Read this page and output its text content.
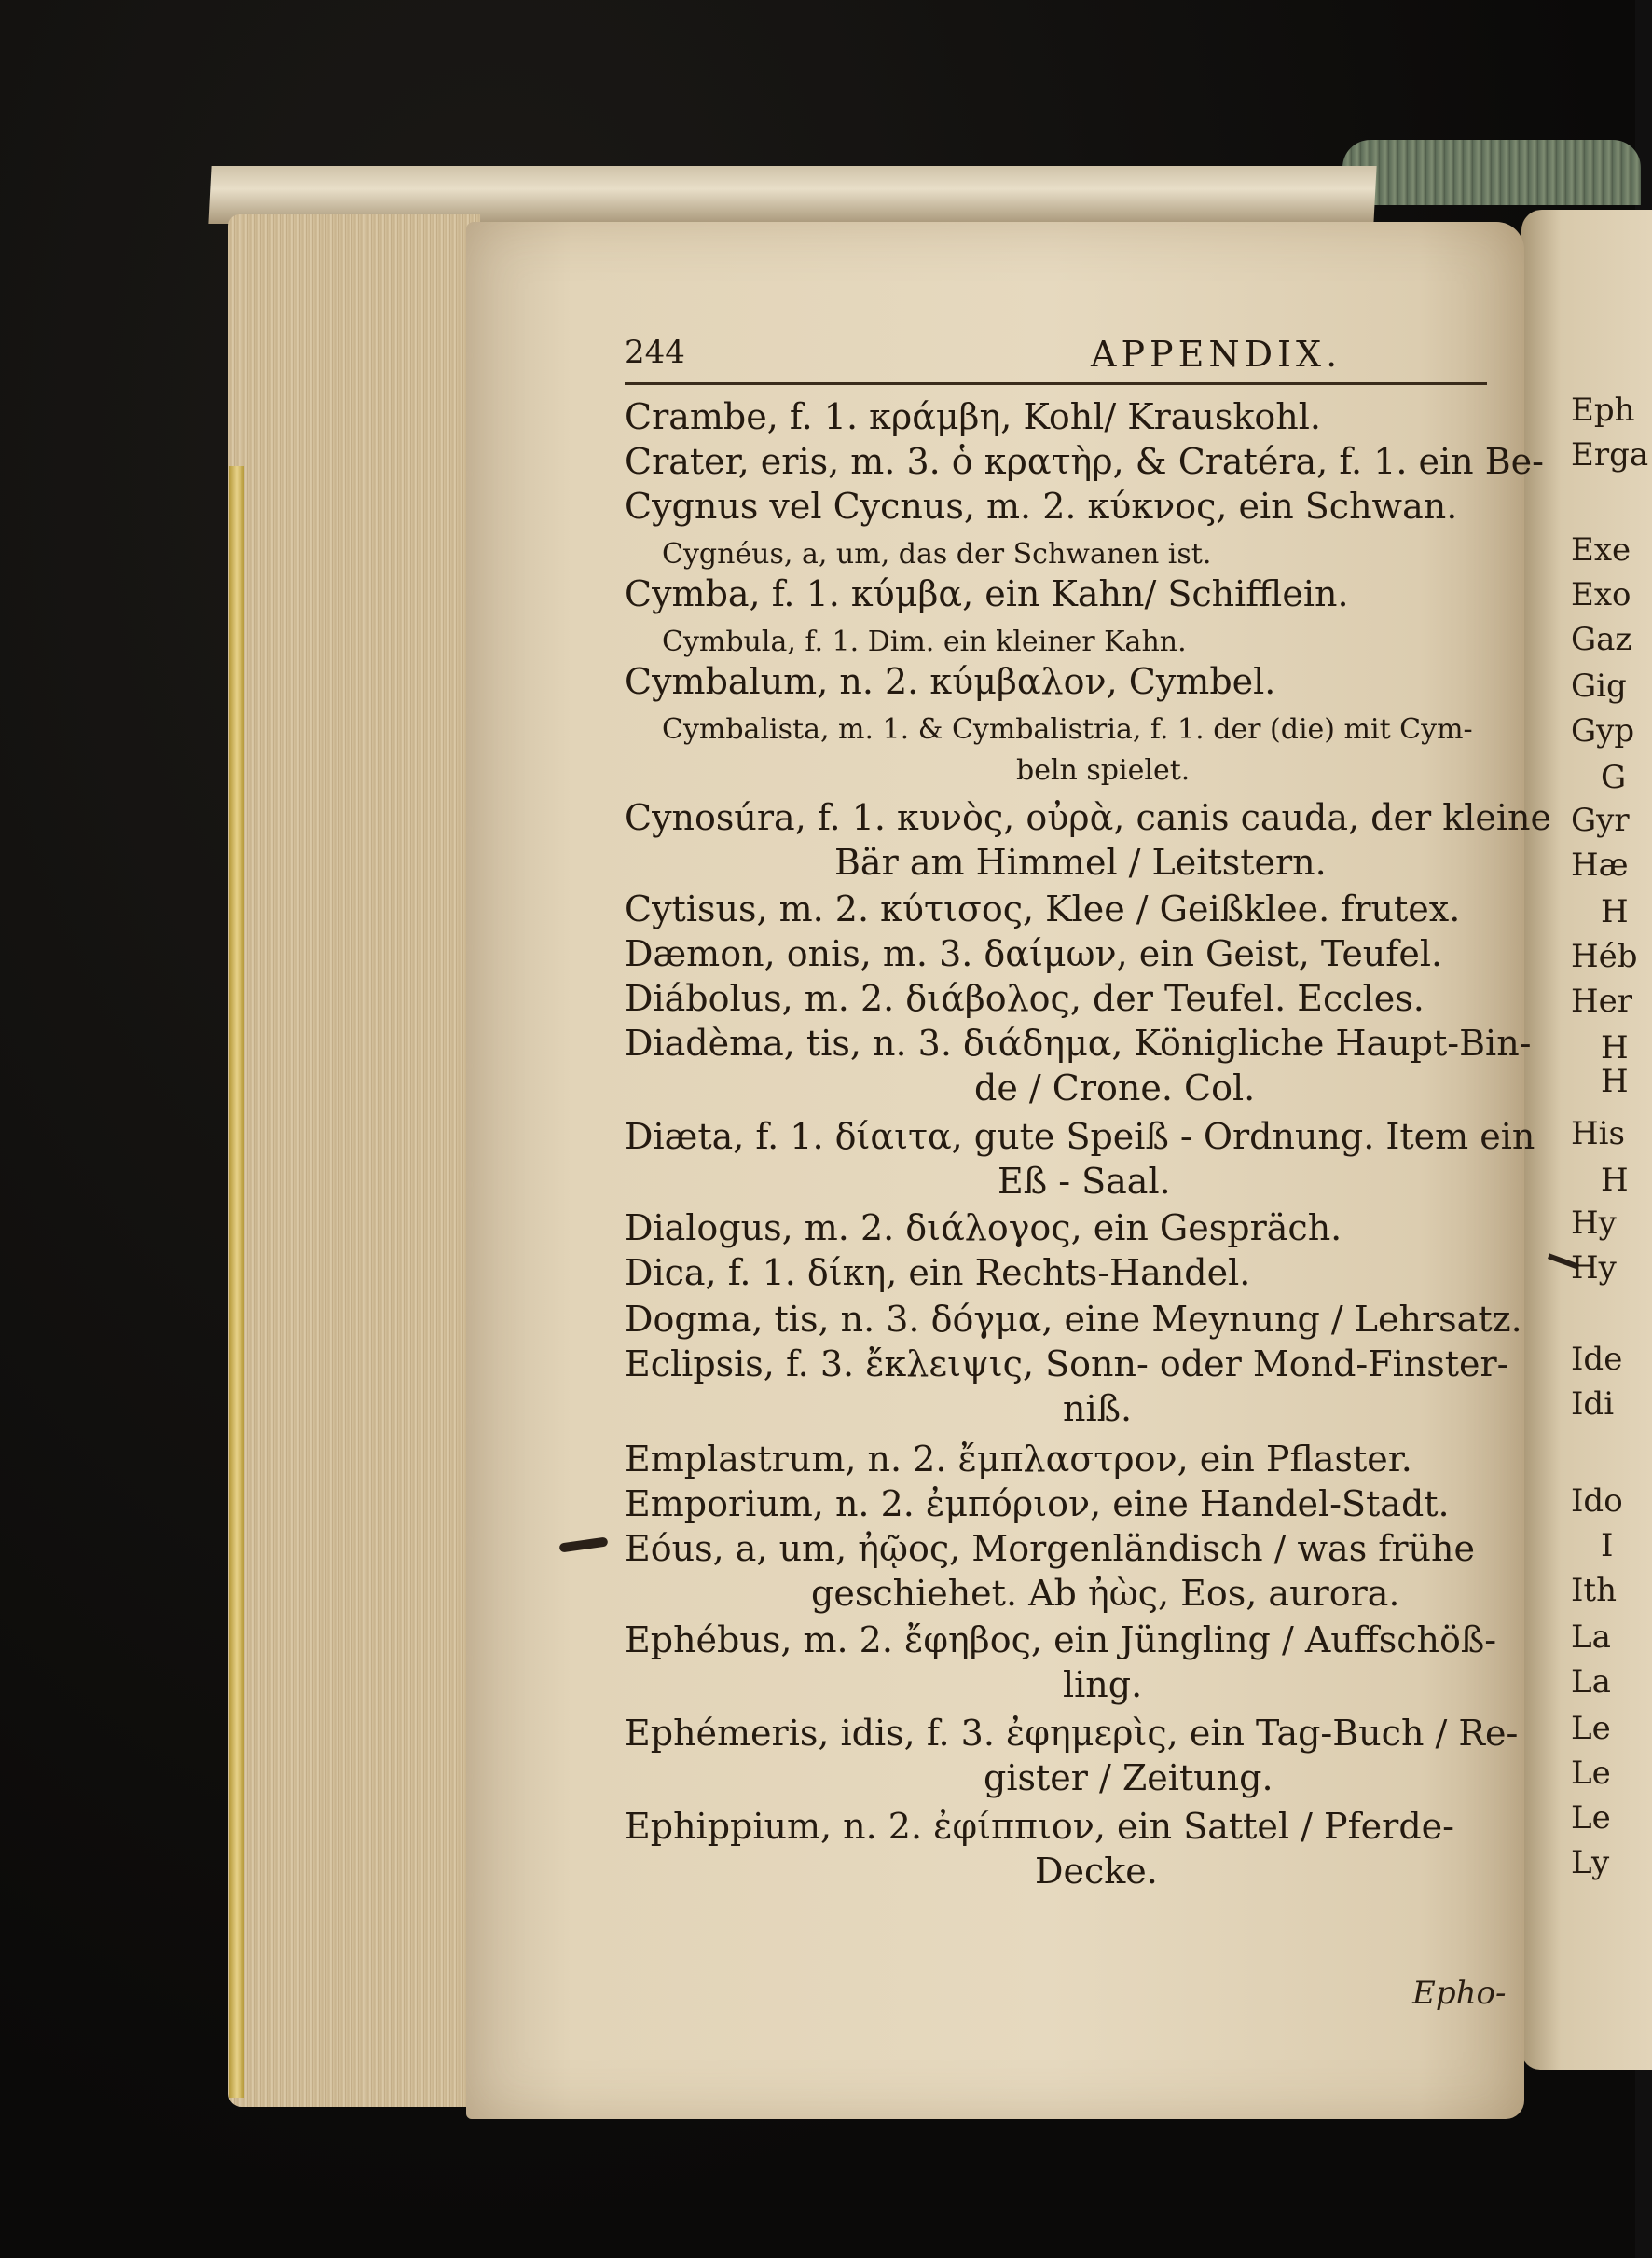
244	APPENDIX.
Crambe, f. 1. κράμβη, Kohl/ Krauskohl.
Crater, eris, m. 3. ὁ κρατὴρ, & Cratéra, f. 1. ein Be-
Cygnus vel Cycnus, m. 2. κύκνος, ein Schwan.
Cygnéus, a, um, das der Schwanen ist.
Cymba, f. 1. κύμβα, ein Kahn/ Schifflein.
Cymbula, f. 1. Dim. ein kleiner Kahn.
Cymbalum, n. 2. κύμβαλον, Cymbel.
Cymbalista, m. 1. & Cymbalistria, f. 1. der (die) mit Cym-
beln spielet.
Cynosúra, f. 1. κυνὸς, οὐρὰ, canis cauda, der kleine
Bär am Himmel / Leitstern.
Cytisus, m. 2. κύτισος, Klee / Geißklee. frutex.
Dæmon, onis, m. 3. δαίμων, ein Geist, Teufel.
Diábolus, m. 2. διάβολος, der Teufel. Eccles.
Diadèma, tis, n. 3. διάδημα, Königliche Haupt-Bin-
de / Crone. Col.
Diæta, f. 1. δίαιτα, gute Speiß - Ordnung. Item ein
Eß - Saal.
Dialogus, m. 2. διάλογος, ein Gespräch.
Dica, f. 1. δίκη, ein Rechts-Handel.
Dogma, tis, n. 3. δόγμα, eine Meynung / Lehrsatz.
Eclipsis, f. 3. ἔκλειψις, Sonn- oder Mond-Finster-
niß.
Emplastrum, n. 2. ἔμπλαστρον, ein Pflaster.
Emporium, n. 2. ἐμπόριον, eine Handel-Stadt.
Eóus, a, um, ἠῷος, Morgenländisch / was frühe
geschiehet. Ab ἠὼς, Eos, aurora.
Ephébus, m. 2. ἔφηβος, ein Jüngling / Auffschöß-
ling.
Ephémeris, idis, f. 3. ἐφημερὶς, ein Tag-Buch / Re-
gister / Zeitung.
Ephippium, n. 2. ἐφίππιον, ein Sattel / Pferde-
Decke.
Epho-
Eph
Erga
Exe
Exo
Gaz
Gig
Gyp
G
Gyr
Hæ
H
Héb
Her
H
H
His
H
Hy
Hy
Ide
Idi
Ido
I
Ith
La
La
Le
Le
Le
Ly
